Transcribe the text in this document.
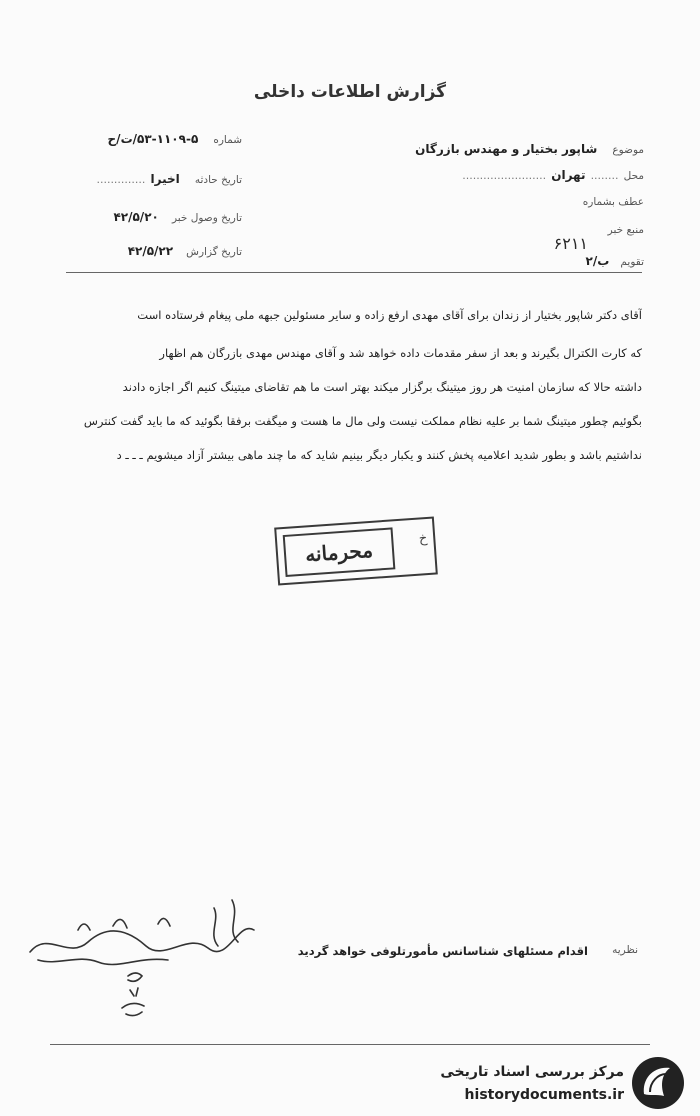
گزارش اطلاعات داخلی
شماره ۵-۱۱۰۹-۵۳/ت/ح
تاریخ حادثه اخیرا ..............
تاریخ وصول خبر ۴۲/۵/۲۰
تاریخ گزارش ۴۲/۵/۲۲
موضوع شاپور بختیار و مهندس بازرگان
محل ........ تهران ........................
عطف بشماره
منبع خبر
۶۲۱۱
تقویم ب/۲
آقای دکتر شاپور بختیار از زندان برای آقای مهدی ارفع زاده و سایر مسئولین جبهه ملی پیغام فرستاده است
که کارت الکترال بگیرند و بعد از سفر مقدمات داده خواهد شد و آقای مهندس مهدی بازرگان هم اظهار
داشته حالا که سازمان امنیت هر روز میتینگ برگزار میکند بهتر است ما هم تقاضای میتینگ کنیم اگر اجازه دادند
بگوئیم چطور میتینگ شما بر علیه نظام مملکت نیست ولی مال ما هست و میگفت برفقا بگوئید که ما باید گفت کنترس
نداشتیم باشد و بطور شدید اعلامیه پخش کنند و یکبار دیگر بینیم شاید که ما چند ماهی بیشتر آزاد میشویم ـ ـ ـ د
محرمانه	خ
نظریه
اقدام مسئلهای شناسانس مأمورتلوفی خواهد گردید
مرکز بررسی اسناد تاریخی
historydocuments.ir
